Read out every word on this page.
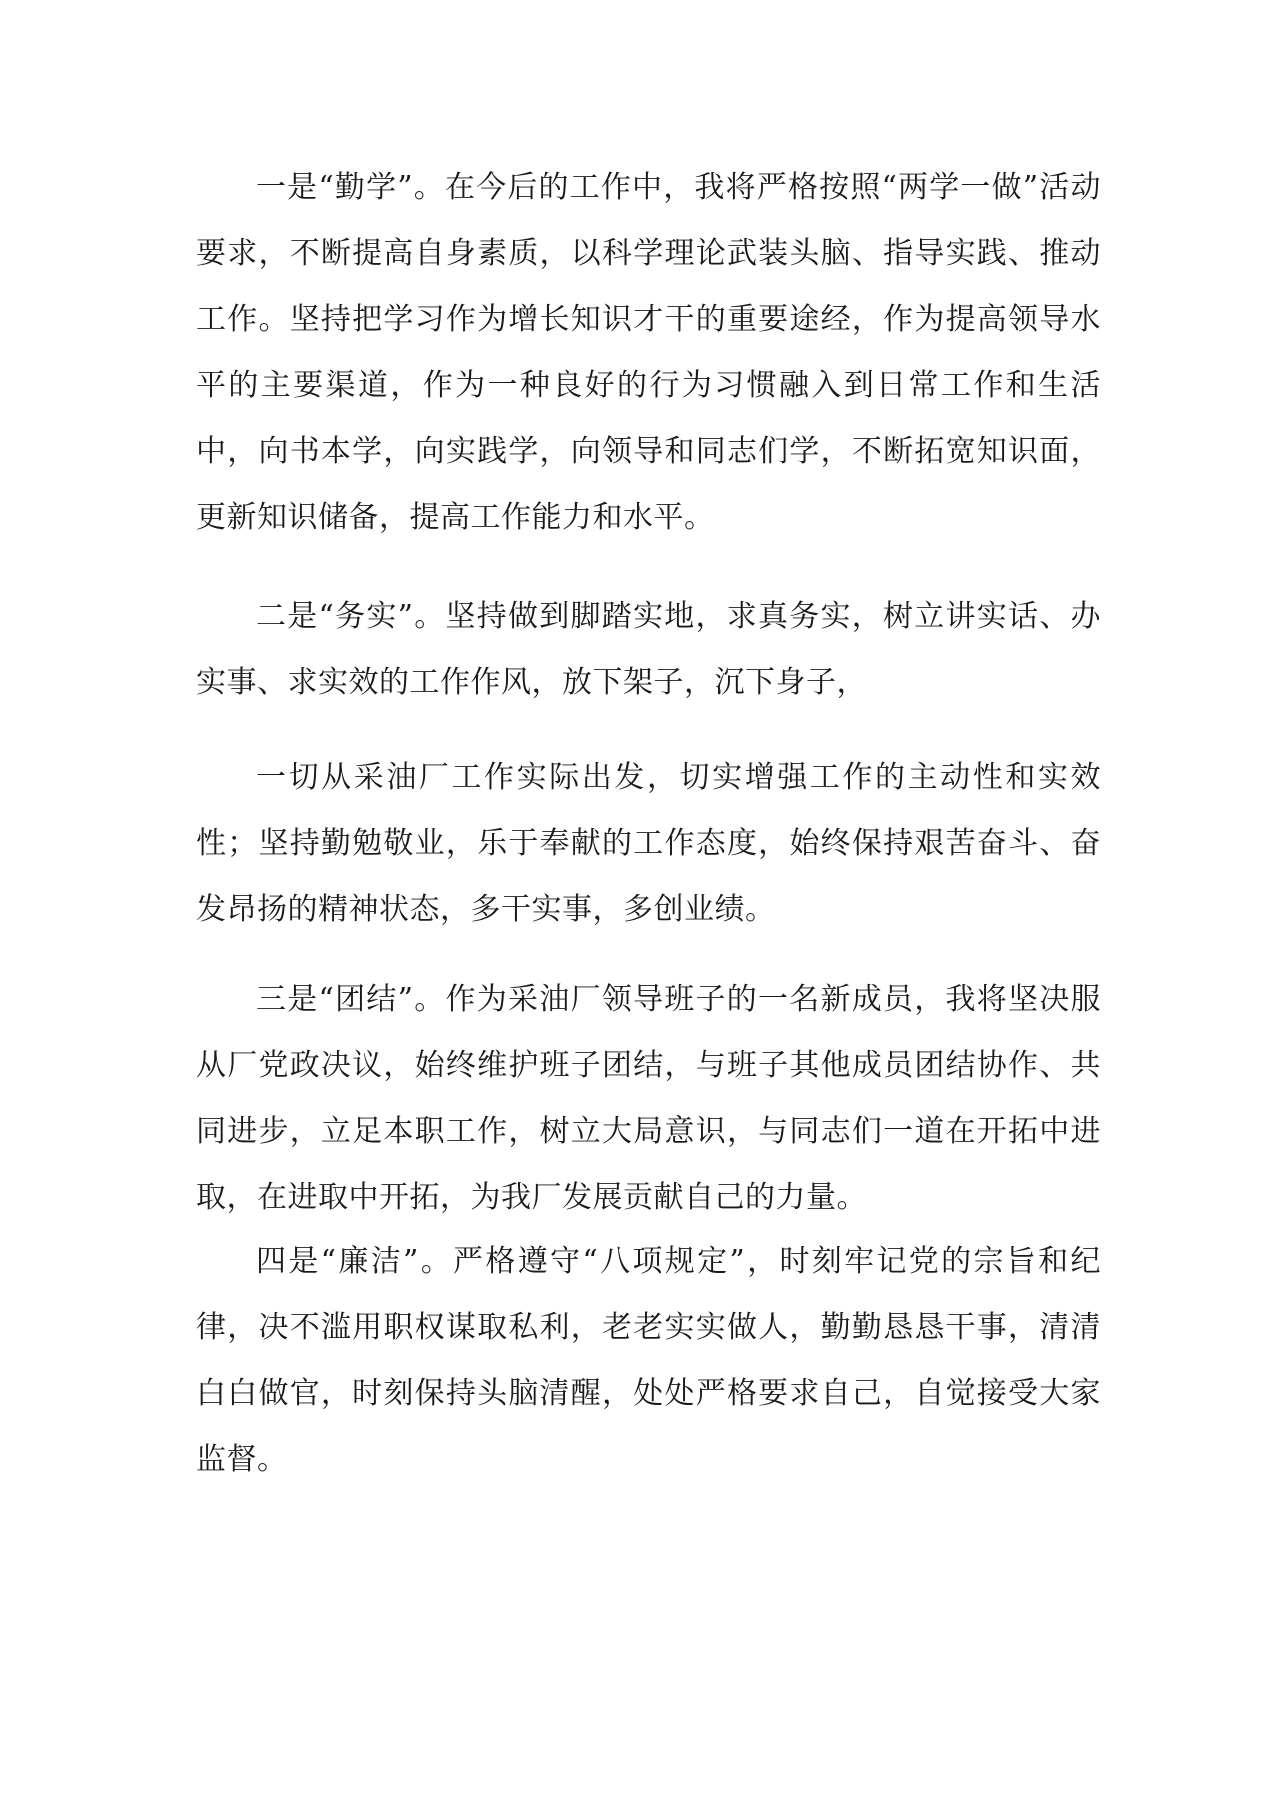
一是“勤学”。在今后的工作中，我将严格按照“两学一做”活动要求，不断提高自身素质，以科学理论武装头脑、指导实践、推动工作。坚持把学习作为增长知识才干的重要途经，作为提高领导水平的主要渠道，作为一种良好的行为习惯融入到日常工作和生活中，向书本学，向实践学，向领导和同志们学，不断拓宽知识面，更新知识储备，提高工作能力和水平。

二是“务实”。坚持做到脚踏实地，求真务实，树立讲实话、办实事、求实效的工作作风，放下架子，沉下身子，

一切从采油厂工作实际出发，切实增强工作的主动性和实效性；坚持勤勉敬业，乐于奉献的工作态度，始终保持艰苦奋斗、奋发昂扬的精神状态，多干实事，多创业绩。

三是“团结”。作为采油厂领导班子的一名新成员，我将坚决服从厂党政决议，始终维护班子团结，与班子其他成员团结协作、共同进步，立足本职工作，树立大局意识，与同志们一道在开拓中进取，在进取中开拓，为我厂发展贡献自己的力量。

四是“廉洁”。严格遵守“八项规定”，时刻牢记党的宗旨和纪律，决不滥用职权谋取私利，老老实实做人，勤勤恳恳干事，清清白白做官，时刻保持头脑清醒，处处严格要求自己，自觉接受大家监督。
